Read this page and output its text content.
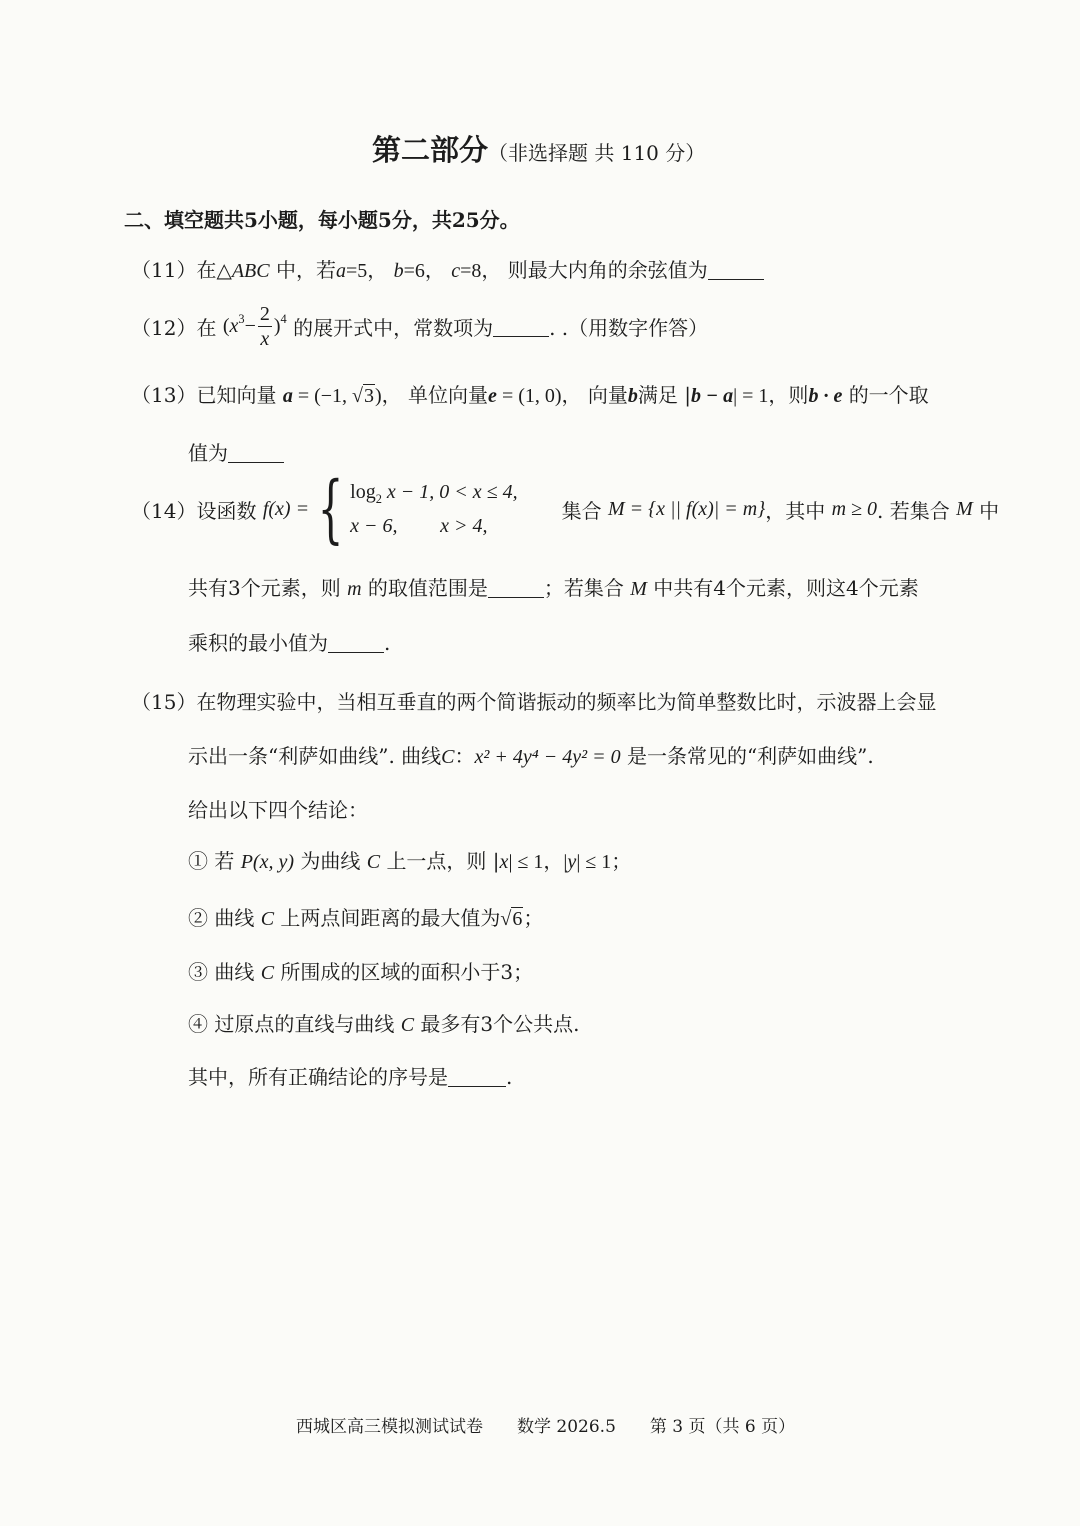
第二部分（非选择题 共 110 分）
二、填空题共5小题，每小题5分，共25分。
（11）在△ABC 中，若a=5， b=6， c=8， 则最大内角的余弦值为
（12） 在
( $x^3 - \frac{2}{x} )^4$
的展开式中，常数项为	. .（用数字作答）
（13）已知向量 a = (−1, √3)， 单位向量e = (1, 0)， 向量b满足 |b − a| = 1，则b · e 的一个取
值为
（14） 设函数
f(x) = { $\log_2 x - 1$, 0 < x ≤ 4,
x − 6, x > 4,
集合
M = {x || f(x)| = m} ，其中
m ≥ 0 . 若集合
M
中
共有3个元素，则 m 的取值范围是	；若集合 M 中共有4个元素，则这4个元素
乘积的最小值为	.
（15）在物理实验中，当相互垂直的两个简谐振动的频率比为简单整数比时，示波器上会显
示出一条“利萨如曲线”. 曲线C：x² + 4y⁴ − 4y² = 0 是一条常见的“利萨如曲线”.
给出以下四个结论：
① 若 P(x, y) 为曲线 C 上一点，则 |x| ≤ 1，|y| ≤ 1；
② 曲线 C 上两点间距离的最大值为√6；
③ 曲线 C 所围成的区域的面积小于3；
④ 过原点的直线与曲线 C 最多有3个公共点.
其中，所有正确结论的序号是	.
西城区高三模拟测试试卷　　数学 2026.5　　第 3 页（共 6 页）
